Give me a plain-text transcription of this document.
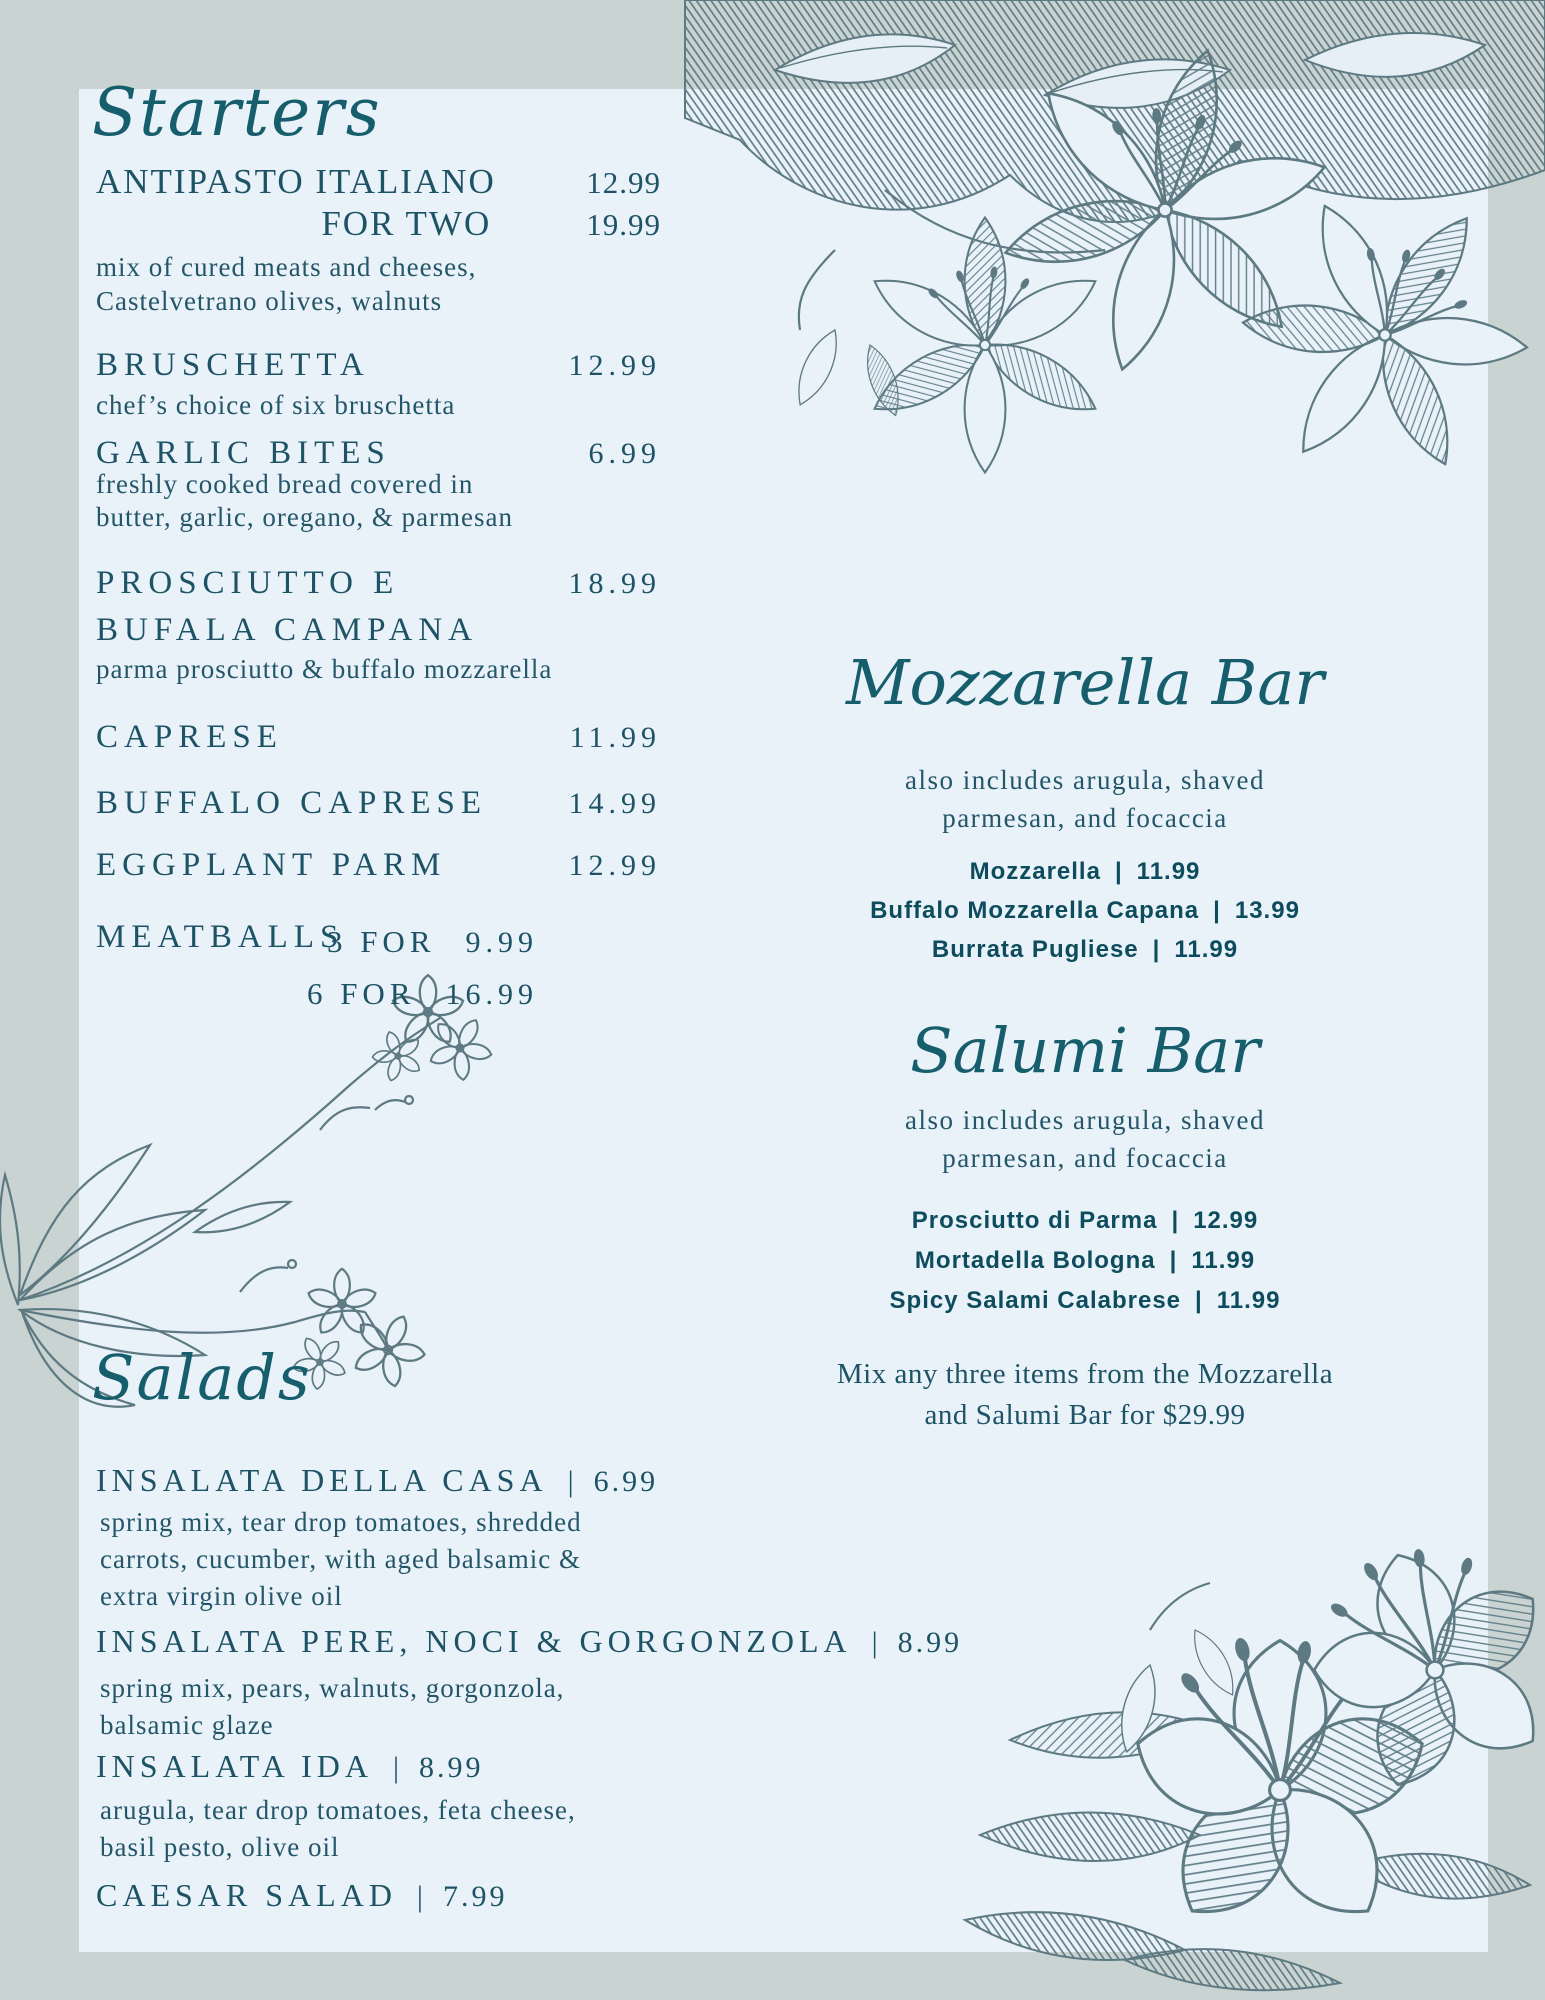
Starters
ANTIPASTO ITALIANO	12.99
FOR TWO	19.99
mix of cured meats and cheeses,
Castelvetrano olives, walnuts
BRUSCHETTA	12.99
chef’s choice of six bruschetta
GARLIC BITES	6.99
freshly cooked bread covered in
butter, garlic, oregano, & parmesan
PROSCIUTTO E	18.99
BUFALA CAMPANA
parma prosciutto & buffalo mozzarella
CAPRESE	11.99
BUFFALO CAPRESE	14.99
EGGPLANT PARM	12.99
MEATBALLS
3 FOR 9.99
6 FOR 16.99
Mozzarella Bar
also includes arugula, shaved
parmesan, and focaccia
Mozzarella | 11.99
Buffalo Mozzarella Capana | 13.99
Burrata Pugliese | 11.99
Salumi Bar
also includes arugula, shaved
parmesan, and focaccia
Prosciutto di Parma | 12.99
Mortadella Bologna | 11.99
Spicy Salami Calabrese | 11.99
Mix any three items from the Mozzarella
and Salumi Bar for $29.99
Salads
INSALATA DELLA CASA | 6.99
spring mix, tear drop tomatoes, shredded
carrots, cucumber, with aged balsamic &
extra virgin olive oil
INSALATA PERE, NOCI & GORGONZOLA | 8.99
spring mix, pears, walnuts, gorgonzola,
balsamic glaze
INSALATA IDA | 8.99
arugula, tear drop tomatoes, feta cheese,
basil pesto, olive oil
CAESAR SALAD | 7.99
